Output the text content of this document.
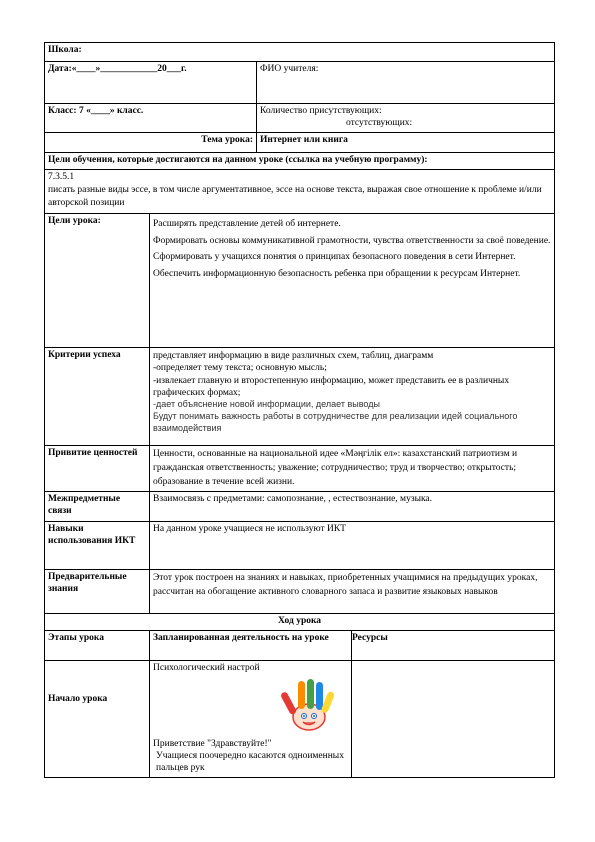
Школа:			
Дата:«____»____________20___г.		ФИО учителя:	
Класс: 7 «____» класс.		Количество присутствующих:
отсутствующих:	

Тема урока:		Интернет или книга	
Цели обучения, которые достигаются на данном уроке (ссылка на учебную программу):			

7.3.5.1
писать разные виды эссе, в том числе аргументативное, эссе на основе текста, выражая свое отношение к проблеме и/или авторской позиции			

Цели урока:	Расширять представление детей об интернете.

Формировать основы коммуникативной грамотности, чувства ответственности за своё поведение.

Сформировать у учащихся понятия о принципах безопасного поведения в сети Интернет.

Обеспечить информационную безопасность ребенка при обращении к ресурсам Интернет.		

Критерии успеха	представляет информацию в виде различных схем, таблиц, диаграмм

-определяет тему текста; основную мысль;

-извлекает главную и второстепенную информацию, может представить ее в различных графических формах;

-дает объяснение новой информации, делает выводы

Будут понимать важность работы в сотрудничестве для реализации идей социального взаимодействия		

Привитие ценностей	Ценности, основанные на национальной идее «Мәңгілік ел»: казахстанский патриотизм и гражданская ответственность; уважение; сотрудничество; труд и творчество; открытость; образование в течение всей жизни.		
Межпредметные связи	Взаимосвязь с предметами: самопознание, , естествознание, музыка.		
Навыки использования ИКТ	На данном уроке учащиеся не используют ИКТ		
Предварительные знания	Этот урок построен на знаниях и навыках, приобретенных учащимися на предыдущих уроках, рассчитан на обогащение активного словарного запаса и развитие языковых навыков		
Ход урока			
Этапы урока	Запланированная деятельность на уроке		Ресурсы
Начало урока	Психологический настрой
Приветствие "Здравствуйте!"
Учащиеся поочередно касаются одноименных пальцев рук		
